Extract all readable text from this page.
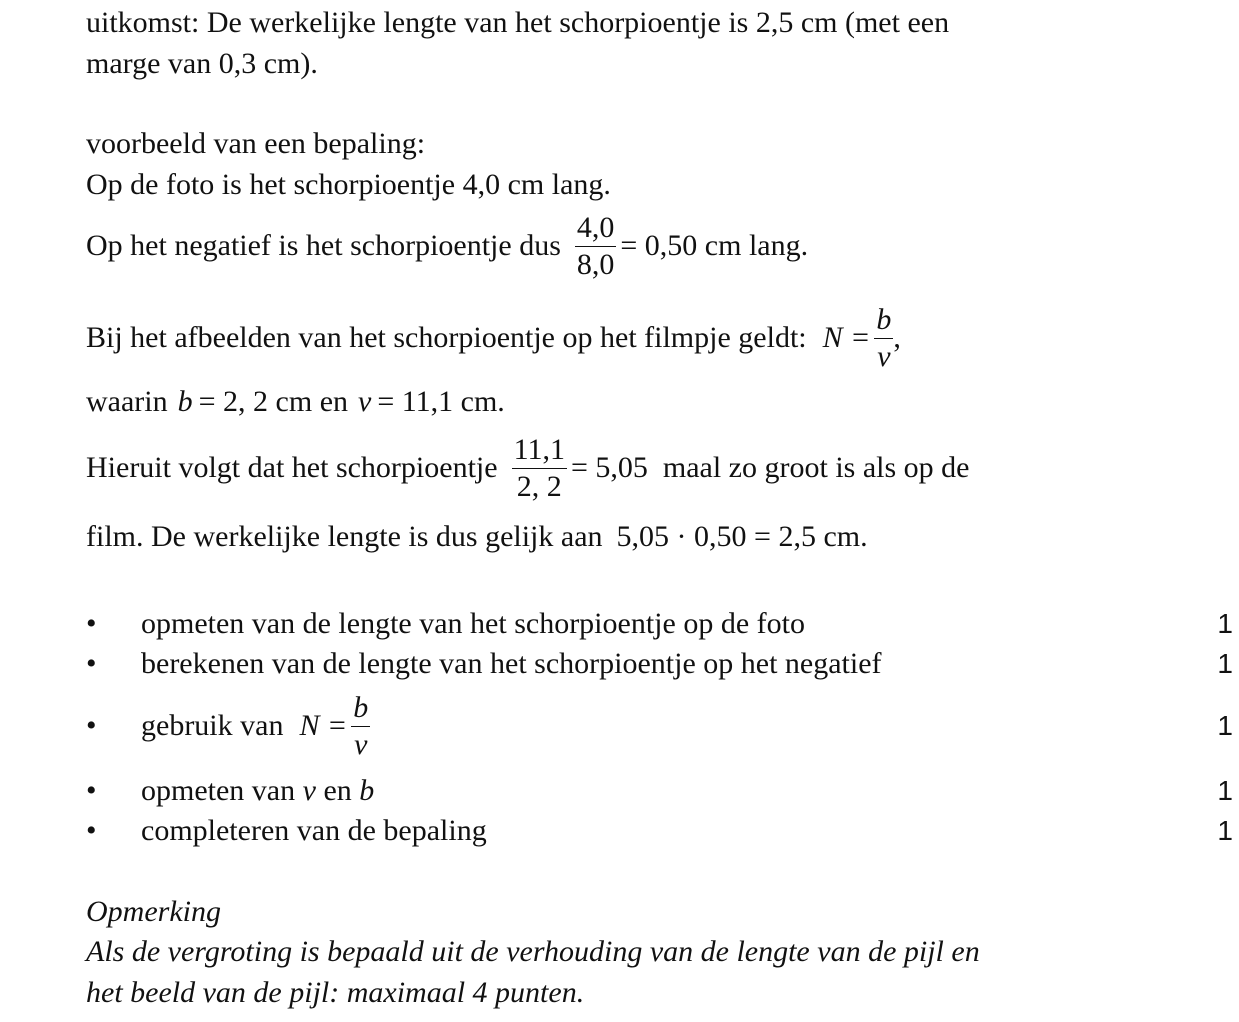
uitkomst: De werkelijke lengte van het schorpioentje is 2,5 cm (met een
marge van 0,3 cm).
voorbeeld van een bepaling:
Op de foto is het schorpioentje 4,0 cm lang.
Op het negatief is het schorpioentje dus $\frac{4,0}{8,0} = 0,50$ cm lang.
Bij het afbeelden van het schorpioentje op het filmpje geldt: $N = \frac{b}{v}$ ,
waarin b = 2, 2 cm en v = 11,1 cm.
Hieruit volgt dat het schorpioentje $\frac{11,1}{2, 2} = 5,05$  maal zo groot is als op de
film. De werkelijke lengte is dus gelijk aan 5,05 · 0,50 = 2,5 cm.
•	opmeten van de lengte van het schorpioentje op de foto	1
•	berekenen van de lengte van het schorpioentje op het negatief	1
•	gebruik van $N = \frac{b}{v}$	1
•	opmeten van v en b	1
•	completeren van de bepaling	1
Opmerking
Als de vergroting is bepaald uit de verhouding van de lengte van de pijl en
het beeld van de pijl: maximaal 4 punten.
